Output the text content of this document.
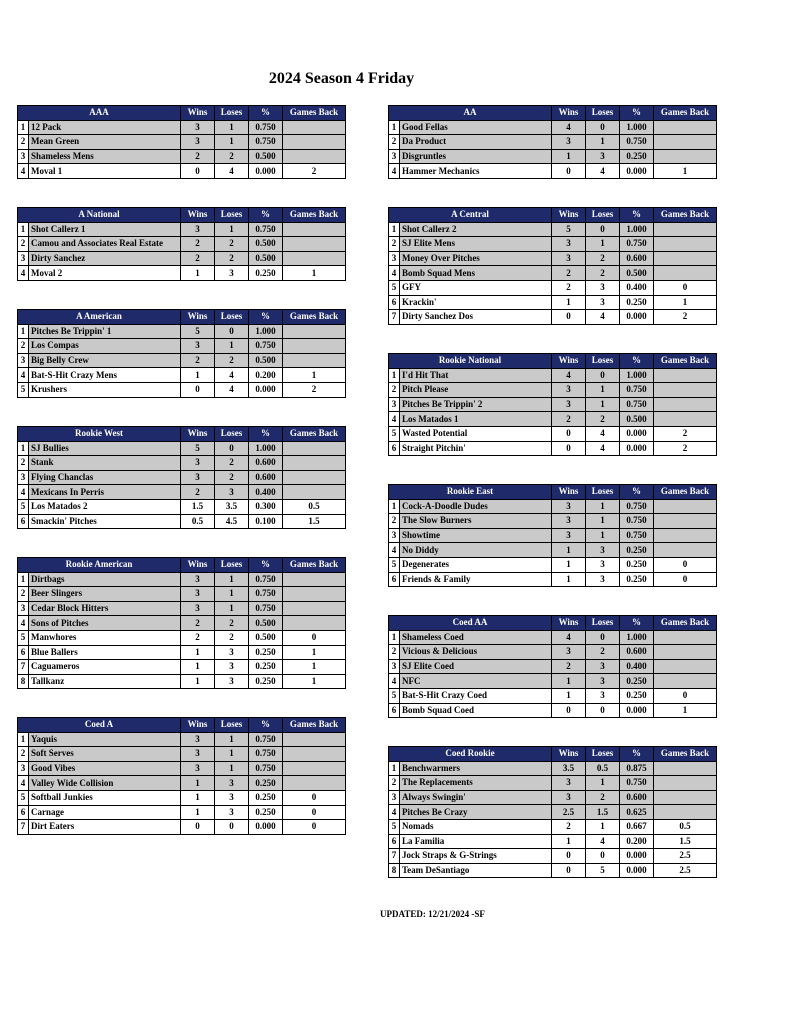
2024 Season 4 Friday
AAA		Wins	Loses	%	Games Back
1	12 Pack	3	1	0.750	
2	Mean Green	3	1	0.750	
3	Shameless Mens	2	2	0.500	
4	Moval 1	0	4	0.000	2
AA		Wins	Loses	%	Games Back
1	Good Fellas	4	0	1.000	
2	Da Product	3	1	0.750	
3	Disgruntles	1	3	0.250	
4	Hammer Mechanics	0	4	0.000	1
A National		Wins	Loses	%	Games Back
1	Shot Callerz 1	3	1	0.750	
2	Camou and Associates Real Estate	2	2	0.500	
3	Dirty Sanchez	2	2	0.500	
4	Moval 2	1	3	0.250	1
A Central		Wins	Loses	%	Games Back
1	Shot Callerz 2	5	0	1.000	
2	SJ Elite Mens	3	1	0.750	
3	Money Over Pitches	3	2	0.600	
4	Bomb Squad Mens	2	2	0.500	
5	GFY	2	3	0.400	0
6	Krackin'	1	3	0.250	1
7	Dirty Sanchez Dos	0	4	0.000	2
A American		Wins	Loses	%	Games Back
1	Pitches Be Trippin' 1	5	0	1.000	
2	Los Compas	3	1	0.750	
3	Big Belly Crew	2	2	0.500	
4	Bat-S-Hit Crazy Mens	1	4	0.200	1
5	Krushers	0	4	0.000	2
Rookie National		Wins	Loses	%	Games Back
1	I'd Hit That	4	0	1.000	
2	Pitch Please	3	1	0.750	
3	Pitches Be Trippin' 2	3	1	0.750	
4	Los Matados 1	2	2	0.500	
5	Wasted Potential	0	4	0.000	2
6	Straight Pitchin'	0	4	0.000	2
Rookie West		Wins	Loses	%	Games Back
1	SJ Bullies	5	0	1.000	
2	Stank	3	2	0.600	
3	Flying Chanclas	3	2	0.600	
4	Mexicans In Perris	2	3	0.400	
5	Los Matados 2	1.5	3.5	0.300	0.5
6	Smackin' Pitches	0.5	4.5	0.100	1.5
Rookie East		Wins	Loses	%	Games Back
1	Cock-A-Doodle Dudes	3	1	0.750	
2	The Slow Burners	3	1	0.750	
3	Showtime	3	1	0.750	
4	No Diddy	1	3	0.250	
5	Degenerates	1	3	0.250	0
6	Friends & Family	1	3	0.250	0
Rookie American		Wins	Loses	%	Games Back
1	Dirtbags	3	1	0.750	
2	Beer Slingers	3	1	0.750	
3	Cedar Block Hitters	3	1	0.750	
4	Sons of Pitches	2	2	0.500	
5	Manwhores	2	2	0.500	0
6	Blue Ballers	1	3	0.250	1
7	Caguameros	1	3	0.250	1
8	Tallkanz	1	3	0.250	1
Coed AA		Wins	Loses	%	Games Back
1	Shameless Coed	4	0	1.000	
2	Vicious & Delicious	3	2	0.600	
3	SJ Elite Coed	2	3	0.400	
4	NFC	1	3	0.250	
5	Bat-S-Hit Crazy Coed	1	3	0.250	0
6	Bomb Squad Coed	0	0	0.000	1
Coed A		Wins	Loses	%	Games Back
1	Yaquis	3	1	0.750	
2	Soft Serves	3	1	0.750	
3	Good Vibes	3	1	0.750	
4	Valley Wide Collision	1	3	0.250	
5	Softball Junkies	1	3	0.250	0
6	Carnage	1	3	0.250	0
7	Dirt Eaters	0	0	0.000	0
Coed Rookie		Wins	Loses	%	Games Back
1	Benchwarmers	3.5	0.5	0.875	
2	The Replacements	3	1	0.750	
3	Always Swingin'	3	2	0.600	
4	Pitches Be Crazy	2.5	1.5	0.625	
5	Nomads	2	1	0.667	0.5
6	La Familia	1	4	0.200	1.5
7	Jock Straps & G-Strings	0	0	0.000	2.5
8	Team DeSantiago	0	5	0.000	2.5
UPDATED: 12/21/2024 -SF
